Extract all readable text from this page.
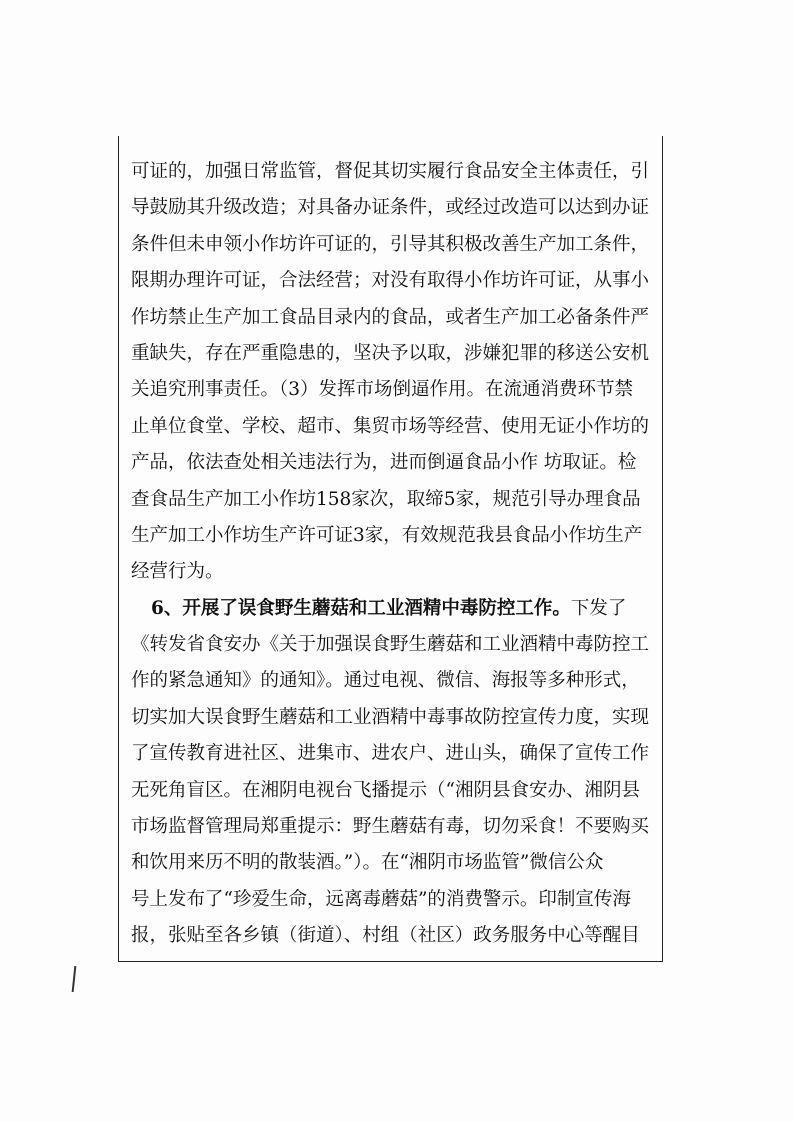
可证的，加强日常监管，督促其切实履行食品安全主体责任，引
导鼓励其升级改造；对具备办证条件，或经过改造可以达到办证
条件但未申领小作坊许可证的，引导其积极改善生产加工条件，
限期办理许可证，合法经营；对没有取得小作坊许可证，从事小
作坊禁止生产加工食品目录内的食品，或者生产加工必备条件严
重缺失，存在严重隐患的，坚决予以取，涉嫌犯罪的移送公安机
关追究刑事责任。（3）发挥市场倒逼作用。在流通消费环节禁
止单位食堂、学校、超市、集贸市场等经营、使用无证小作坊的
产品，依法查处相关违法行为，进而倒逼食品小作 坊取证。检
查食品生产加工小作坊158家次，取缔5家，规范引导办理食品
生产加工小作坊生产许可证3家，有效规范我县食品小作坊生产
经营行为。
6、开展了误食野生蘑菇和工业酒精中毒防控工作。下发了
《转发省食安办《关于加强误食野生蘑菇和工业酒精中毒防控工
作的紧急通知》的通知》。通过电视、微信、海报等多种形式，
切实加大误食野生蘑菇和工业酒精中毒事故防控宣传力度，实现
了宣传教育进社区、进集市、进农户、进山头，确保了宣传工作
无死角盲区。在湘阴电视台飞播提示（“湘阴县食安办、湘阴县
市场监督管理局郑重提示：野生蘑菇有毒，切勿采食！不要购买
和饮用来历不明的散装酒。”）。在“湘阴市场监管”微信公众
号上发布了“珍爱生命，远离毒蘑菇”的消费警示。印制宣传海
报，张贴至各乡镇（街道）、村组（社区）政务服务中心等醒目
